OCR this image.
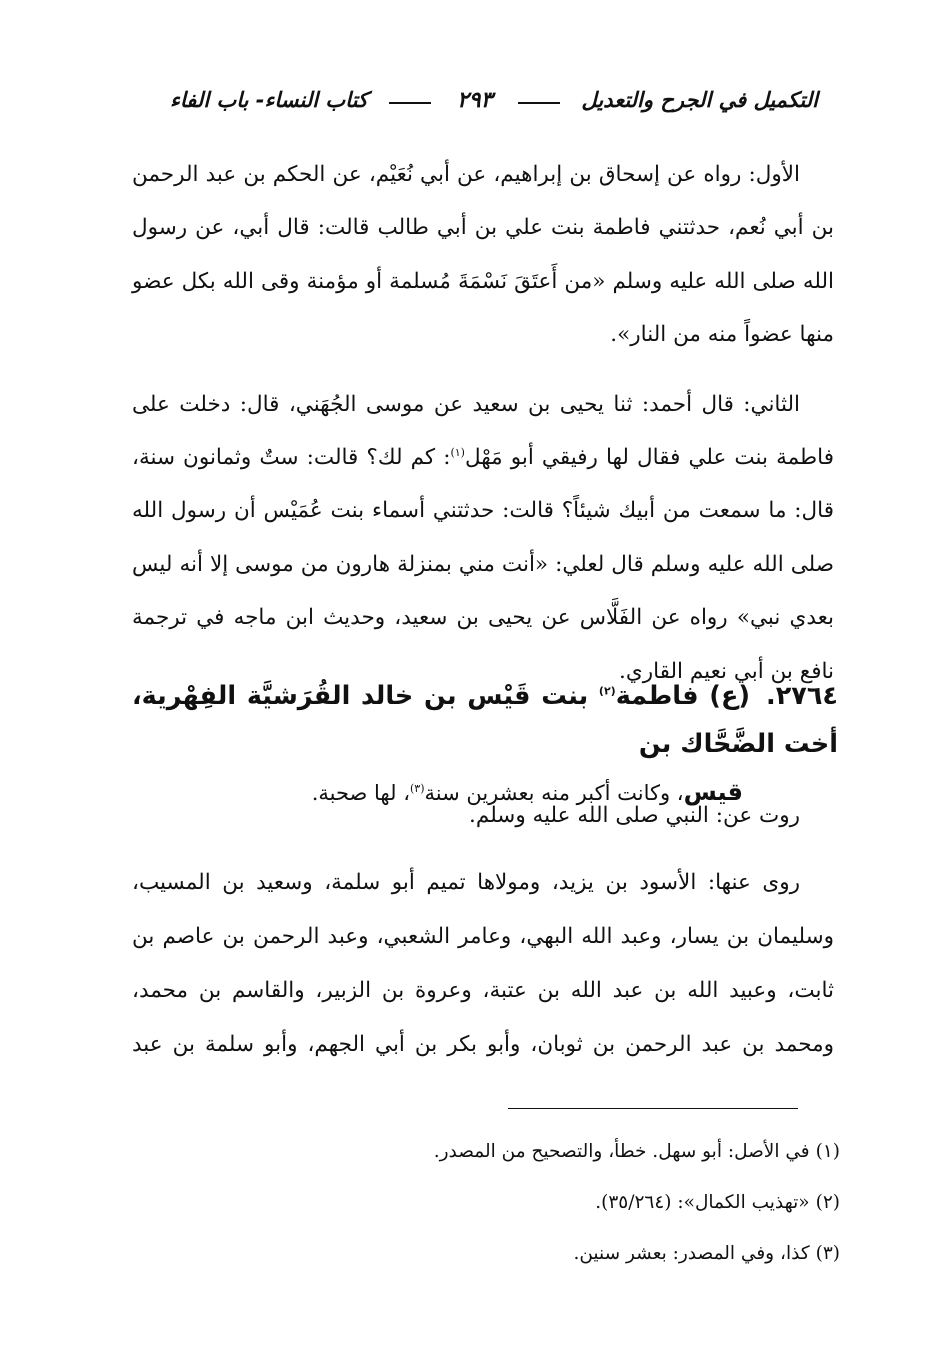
التكميل في الجرح والتعديل
٢٩٣
كتاب النساء- باب الفاء

الأول: رواه عن إسحاق بن إبراهيم، عن أبي نُعَيْم، عن الحكم بن عبد الرحمن بن أبي نُعم، حدثتني فاطمة بنت علي بن أبي طالب قالت: قال أبي، عن رسول الله صلى الله عليه وسلم «من أَعتَقَ نَسْمَةَ مُسلمة أو مؤمنة وقى الله بكل عضو منها عضواً منه من النار».

الثاني: قال أحمد: ثنا يحيى بن سعيد عن موسى الجُهَني، قال: دخلت على فاطمة بنت علي فقال لها رفيقي أبو مَهْل$^{(١)}$: كم لك؟ قالت: ستٌ وثمانون سنة، قال: ما سمعت من أبيك شيئاً؟ قالت: حدثتني أسماء بنت عُمَيْس أن رسول الله صلى الله عليه وسلم قال لعلي: «أنت مني بمنزلة هارون من موسى إلا أنه ليس بعدي نبي» رواه عن الفَلَّاس عن يحيى بن سعيد، وحديث ابن ماجه في ترجمة نافع بن أبي نعيم القاري.

٢٧٦٤.(ع) فاطمة$^{(٢)}$ بنت قَيْس بن خالد القُرَشيَّة الفِهْرية، أخت الضَّحَّاك بن

قيس، وكانت أكبر منه بعشرين سنة$^{(٣)}$، لها صحبة.

روت عن: النبي صلى الله عليه وسلم.

روى عنها: الأسود بن يزيد، ومولاها تميم أبو سلمة، وسعيد بن المسيب، وسليمان بن يسار، وعبد الله البهي، وعامر الشعبي، وعبد الرحمن بن عاصم بن ثابت، وعبيد الله بن عبد الله بن عتبة، وعروة بن الزبير، والقاسم بن محمد، ومحمد بن عبد الرحمن بن ثوبان، وأبو بكر بن أبي الجهم، وأبو سلمة بن عبد

(١)في الأصل: أبو سهل. خطأ، والتصحيح من المصدر.

(٢)«تهذيب الكمال»: (٣٥/٢٦٤).

(٣)كذا، وفي المصدر: بعشر سنين.
